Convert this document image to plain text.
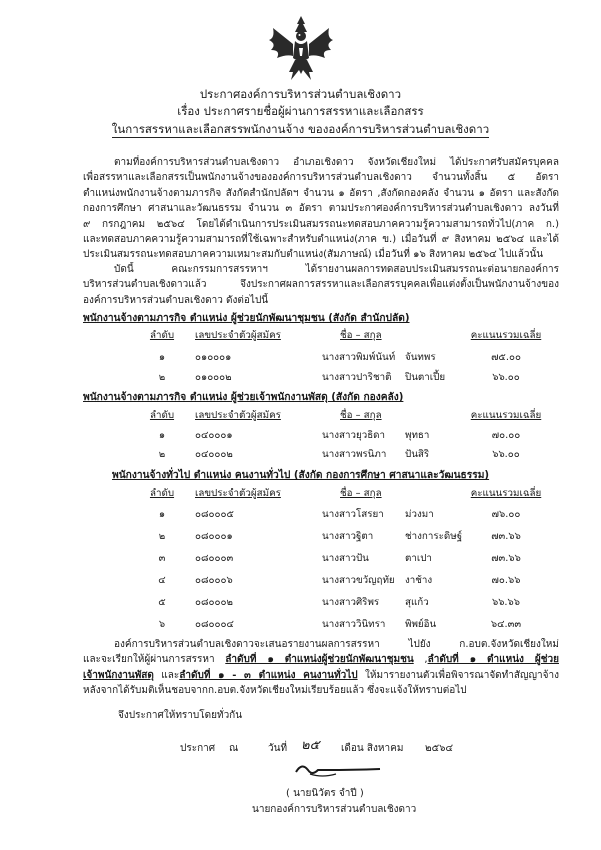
ประกาศองค์การบริหารส่วนตำบลเชิงดาว
เรื่อง ประกาศรายชื่อผู้ผ่านการสรรหาและเลือกสรร
ในการสรรหาและเลือกสรรพนักงานจ้าง ขององค์การบริหารส่วนตำบลเชิงดาว
ตามที่องค์การบริหารส่วนตำบลเชิงดาว อำเภอเชิงดาว จังหวัดเชียงใหม่ ได้ประกาศรับสมัครบุคคล
เพื่อสรรหาและเลือกสรรเป็นพนักงานจ้างขององค์การบริหารส่วนตำบลเชิงดาว จำนวนทั้งสิ้น ๕ อัตรา
ตำแหน่งพนักงานจ้างตามภารกิจ สังกัดสำนักปลัดฯ จำนวน ๑ อัตรา ,สังกัดกองคลัง จำนวน ๑ อัตรา และสังกัด
กองการศึกษา ศาสนาและวัฒนธรรม จำนวน ๓ อัตรา ตามประกาศองค์การบริหารส่วนตำบลเชิงดาว ลงวันที่
๙ กรกฎาคม ๒๕๖๔ โดยได้ดำเนินการประเมินสมรรถนะทดสอบภาคความรู้ความสามารถทั่วไป(ภาค ก.)
และทดสอบภาคความรู้ความสามารถที่ใช้เฉพาะสำหรับตำแหน่ง(ภาค ข.) เมื่อวันที่ ๙ สิงหาคม ๒๕๖๔ และได้
ประเมินสมรรถนะทดสอบภาคความเหมาะสมกับตำแหน่ง(สัมภาษณ์) เมื่อวันที่ ๑๖ สิงหาคม ๒๕๖๔ ไปแล้วนั้น
บัดนี้ คณะกรรมการสรรหาฯ ได้รายงานผลการทดสอบประเมินสมรรถนะต่อนายกองค์การ
บริหารส่วนตำบลเชิงดาวแล้ว จึงประกาศผลการสรรหาและเลือกสรรบุคคลเพื่อแต่งตั้งเป็นพนักงานจ้างของ
องค์การบริหารส่วนตำบลเชิงดาว ดังต่อไปนี้
พนักงานจ้างตามภารกิจ ตำแหน่ง ผู้ช่วยนักพัฒนาชุมชน (สังกัด สำนักปลัด)
ลำดับ	เลขประจำตัวผู้สมัคร	ชื่อ – สกุล	คะแนนรวมเฉลี่ย
๑	๐๑๐๐๐๑	นางสาวพิมพ์นันท์ จันทพร	๗๕.๐๐
๒	๐๑๐๐๐๒	นางสาวปาริชาติ ปินตาเปี้ย	๖๖.๐๐
พนักงานจ้างตามภารกิจ ตำแหน่ง ผู้ช่วยเจ้าพนักงานพัสดุ (สังกัด กองคลัง)
ลำดับ	เลขประจำตัวผู้สมัคร	ชื่อ – สกุล	คะแนนรวมเฉลี่ย
๑	๐๔๐๐๐๑	นางสาวยุวธิดา พุทธา	๗๐.๐๐
๒	๐๔๐๐๐๒	นางสาวพรนิภา ปันสิริ	๖๖.๐๐
พนักงานจ้างทั่วไป ตำแหน่ง คนงานทั่วไป (สังกัด กองการศึกษา ศาสนาและวัฒนธรรม)
ลำดับ	เลขประจำตัวผู้สมัคร	ชื่อ – สกุล	คะแนนรวมเฉลี่ย
๑	๐๘๐๐๐๕	นางสาวโสรยา ม่วงมา	๗๖.๐๐
๒	๐๘๐๐๐๑	นางสาวฐิตา	ช่างการะดิษฐ์	๗๓.๖๖
๓	๐๘๐๐๐๓	นางสาวปัน	ตาเปา	๗๓.๖๖
๔	๐๘๐๐๐๖	นางสาวขวัญฤทัย งาช้าง	๗๐.๖๖
๕	๐๘๐๐๐๒	นางสาวศิริพร	สุแก้ว	๖๖.๖๖
๖	๐๘๐๐๐๔	นางสาววินิทรา พิพย์อิน	๖๔.๓๓
องค์การบริหารส่วนตำบลเชิงดาวจะเสนอรายงานผลการสรรหา ไปยัง ก.อบต.จังหวัดเชียงใหม่
และจะเรียกให้ผู้ผ่านการสรรหา ลำดับที่ ๑ ตำแหน่งผู้ช่วยนักพัฒนาชุมชน ,ลำดับที่ ๑ ตำแหน่ง ผู้ช่วย
เจ้าพนักงานพัสดุ และลำดับที่ ๑ - ๓ ตำแหน่ง คนงานทั่วไป ให้มารายงานตัวเพื่อพิจารณาจัดทำสัญญาจ้าง
หลังจากได้รับมติเห็นชอบจากก.อบต.จังหวัดเชียงใหม่เรียบร้อยแล้ว ซึ่งจะแจ้งให้ทราบต่อไป
จึงประกาศให้ทราบโดยทั่วกัน
ประกาศ ณ	วันที่ ๒๕ เดือน สิงหาคม ๒๕๖๔
( นายนิวัตร จำปี )
นายกองค์การบริหารส่วนตำบลเชิงดาว
